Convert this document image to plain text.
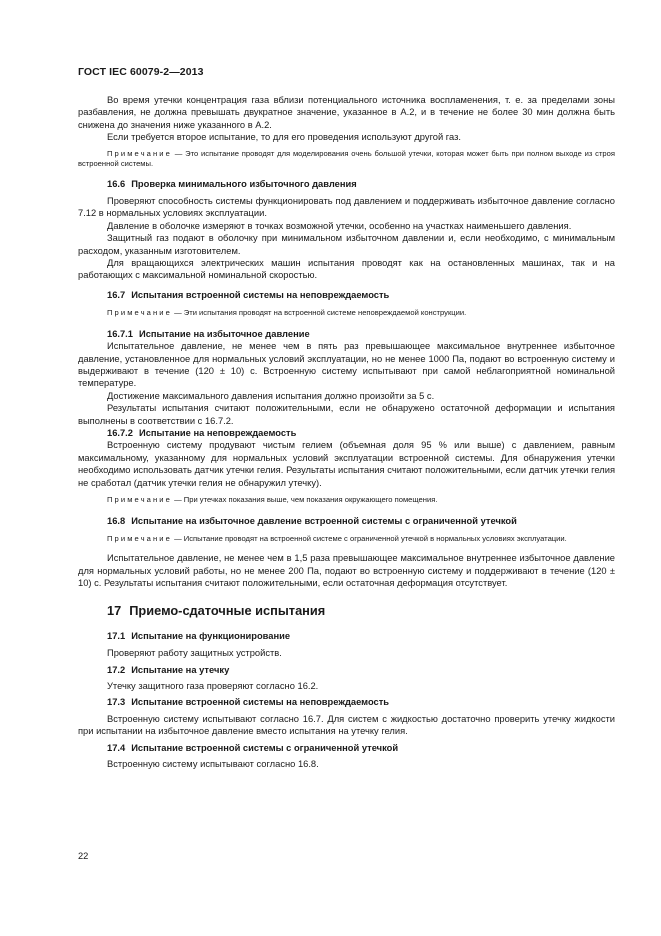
ГОСТ IEC 60079-2—2013

Во время утечки концентрация газа вблизи потенциального источника воспламенения, т. е. за пределами зоны разбавления, не должна превышать двукратное значение, указанное в А.2, и в течение не более 30 мин должна быть снижена до значения ниже указанного в А.2.

Если требуется второе испытание, то для его проведения используют другой газ.

Примечание — Это испытание проводят для моделирования очень большой утечки, которая может быть при полном выходе из строя встроенной системы.

16.6 Проверка минимального избыточного давления

Проверяют способность системы функционировать под давлением и поддерживать избыточное давление согласно 7.12 в нормальных условиях эксплуатации.

Давление в оболочке измеряют в точках возможной утечки, особенно на участках наименьшего давления.

Защитный газ подают в оболочку при минимальном избыточном давлении и, если необходимо, с минимальным расходом, указанным изготовителем.

Для вращающихся электрических машин испытания проводят как на остановленных машинах, так и на работающих с максимальной номинальной скоростью.

16.7 Испытания встроенной системы на неповреждаемость

Примечание — Эти испытания проводят на встроенной системе неповреждаемой конструкции.

16.7.1 Испытание на избыточное давление

Испытательное давление, не менее чем в пять раз превышающее максимальное внутреннее избыточное давление, установленное для нормальных условий эксплуатации, но не менее 1000 Па, подают во встроенную систему и выдерживают в течение (120 ± 10) с. Встроенную систему испытывают при самой неблагоприятной номинальной температуре.

Достижение максимального давления испытания должно произойти за 5 с.

Результаты испытания считают положительными, если не обнаружено остаточной деформации и испытания выполнены в соответствии с 16.7.2.

16.7.2 Испытание на неповреждаемость

Встроенную систему продувают чистым гелием (объемная доля 95 % или выше) с давлением, равным максимальному, указанному для нормальных условий эксплуатации встроенной системы. Для обнаружения утечки необходимо использовать датчик утечки гелия. Результаты испытания считают положительными, если датчик утечки гелия не сработал (датчик утечки гелия не обнаружил утечку).

Примечание — При утечках показания выше, чем показания окружающего помещения.

16.8 Испытание на избыточное давление встроенной системы с ограниченной утечкой

Примечание — Испытание проводят на встроенной системе с ограниченной утечкой в нормальных условиях эксплуатации.

Испытательное давление, не менее чем в 1,5 раза превышающее максимальное внутреннее избыточное давление для нормальных условий работы, но не менее 200 Па, подают во встроенную систему и поддерживают в течение (120 ± 10) с. Результаты испытания считают положительными, если остаточная деформация отсутствует.

17 Приемо-сдаточные испытания
17.1 Испытание на функционирование

Проверяют работу защитных устройств.

17.2 Испытание на утечку

Утечку защитного газа проверяют согласно 16.2.

17.3 Испытание встроенной системы на неповреждаемость

Встроенную систему испытывают согласно 16.7. Для систем с жидкостью достаточно проверить утечку жидкости при испытании на избыточное давление вместо испытания на утечку гелия.

17.4 Испытание встроенной системы с ограниченной утечкой

Встроенную систему испытывают согласно 16.8.

22
